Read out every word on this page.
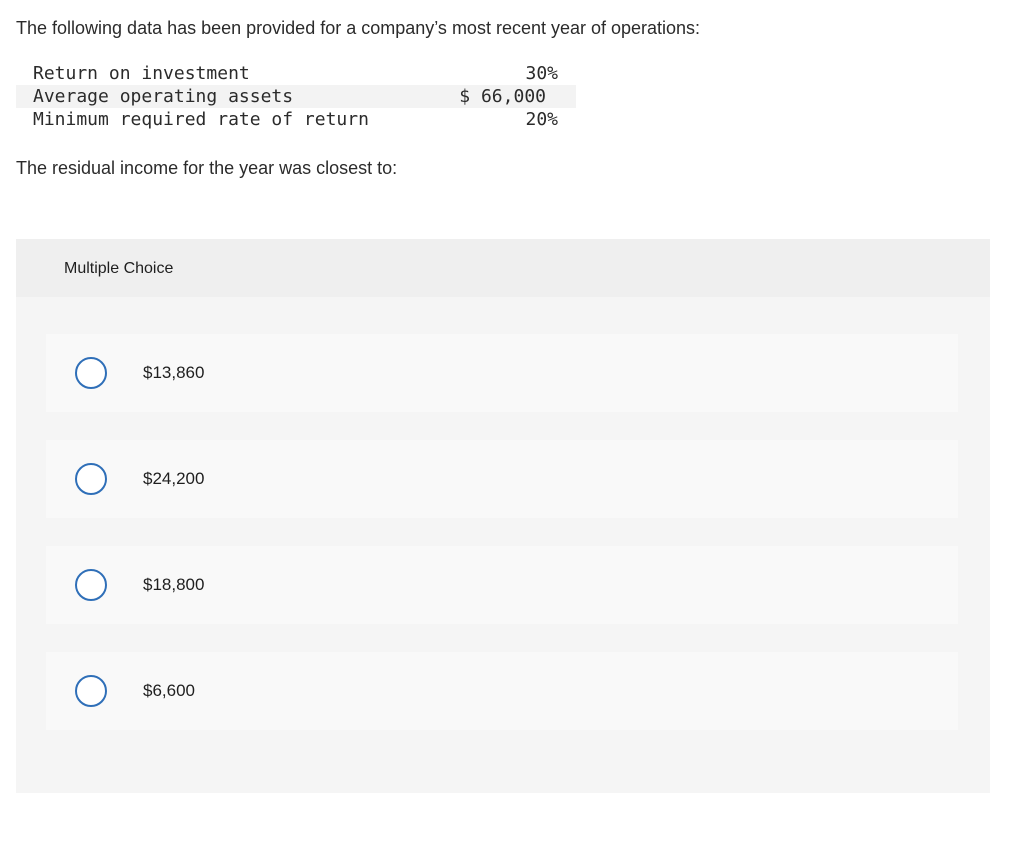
The following data has been provided for a company’s most recent year of operations:
Return on investment	30%
Average operating assets	$ 66,000
Minimum required rate of return	20%
The residual income for the year was closest to:
Multiple Choice
$13,860
$24,200
$18,800
$6,600
